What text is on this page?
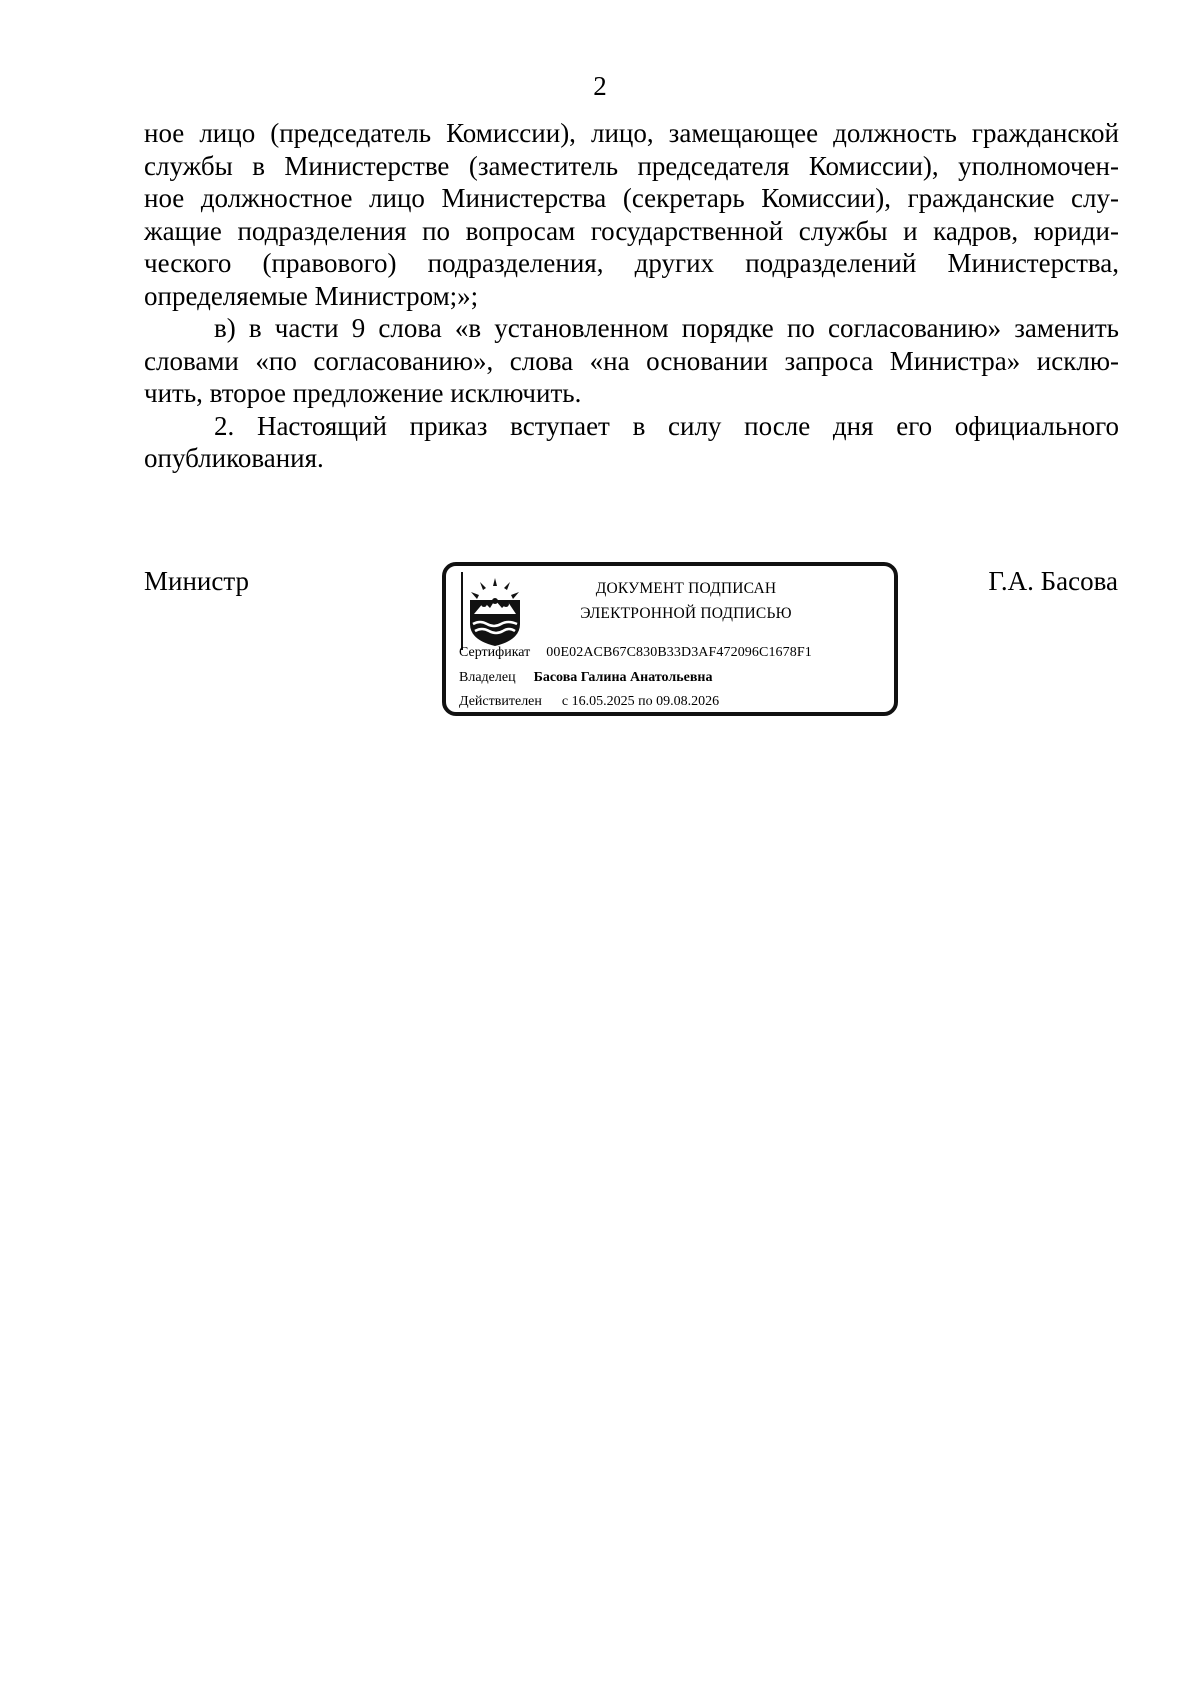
2

ное лицо (председатель Комиссии), лицо, замещающее должность гражданской
службы в Министерстве (заместитель председателя Комиссии), уполномочен-
ное должностное лицо Министерства (секретарь Комиссии), гражданские слу-
жащие подразделения по вопросам государственной службы и кадров, юриди-
ческого (правового) подразделения, других подразделений Министерства,
определяемые Министром;»;

в) в части 9 слова «в установленном порядке по согласованию» заменить
словами «по согласованию», слова «на основании запроса Министра» исклю-
чить, второе предложение исключить.

2. Настоящий приказ вступает в силу после дня его официального
опубликования.

Министр	Г.А. Басова
ДОКУМЕНТ ПОДПИСАН
ЭЛЕКТРОННОЙ ПОДПИСЬЮ
Сертификат 00E02ACB67C830B33D3AF472096C1678F1
Владелец Басова Галина Анатольевна
Действителен с 16.05.2025 по 09.08.2026
